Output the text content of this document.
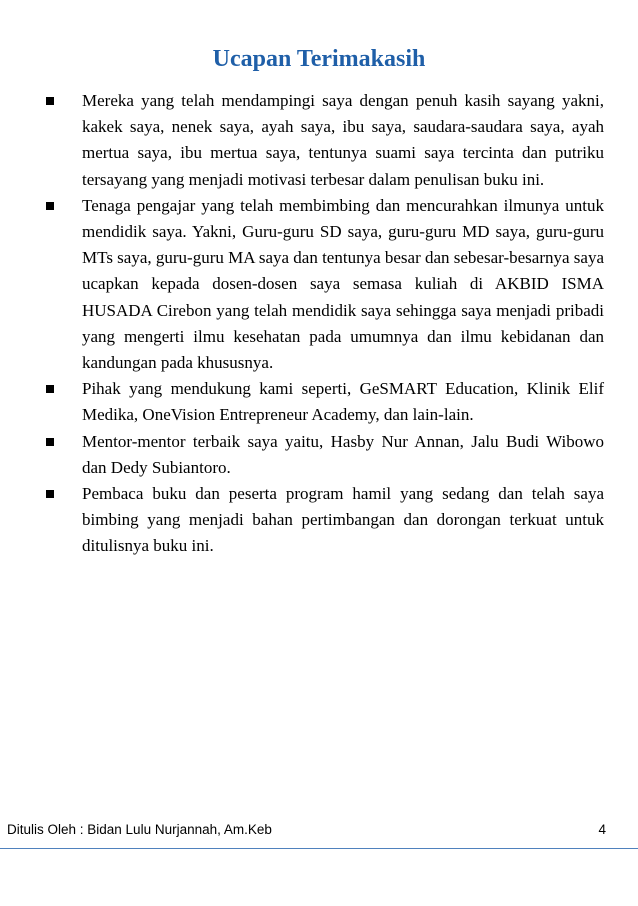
Ucapan Terimakasih
Mereka yang telah mendampingi saya dengan penuh kasih sayang yakni, kakek saya, nenek saya, ayah saya, ibu saya, saudara-saudara saya, ayah mertua saya, ibu mertua saya, tentunya suami saya tercinta dan putriku tersayang yang menjadi motivasi terbesar dalam penulisan buku ini.
Tenaga pengajar yang telah membimbing dan mencurahkan ilmunya untuk mendidik saya. Yakni, Guru-guru SD saya, guru-guru MD saya, guru-guru MTs saya, guru-guru MA saya dan tentunya besar dan sebesar-besarnya saya ucapkan kepada dosen-dosen saya semasa kuliah di AKBID ISMA HUSADA Cirebon yang telah mendidik saya sehingga saya menjadi pribadi yang mengerti ilmu kesehatan pada umumnya dan ilmu kebidanan dan kandungan pada khususnya.
Pihak yang mendukung kami seperti, GeSMART Education, Klinik Elif Medika, OneVision Entrepreneur Academy, dan lain-lain.
Mentor-mentor terbaik saya yaitu, Hasby Nur Annan, Jalu Budi Wibowo dan Dedy Subiantoro.
Pembaca buku dan peserta program hamil yang sedang dan telah saya bimbing yang menjadi bahan pertimbangan dan dorongan terkuat untuk ditulisnya buku ini.
Ditulis Oleh : Bidan Lulu Nurjannah, Am.Keb	4
